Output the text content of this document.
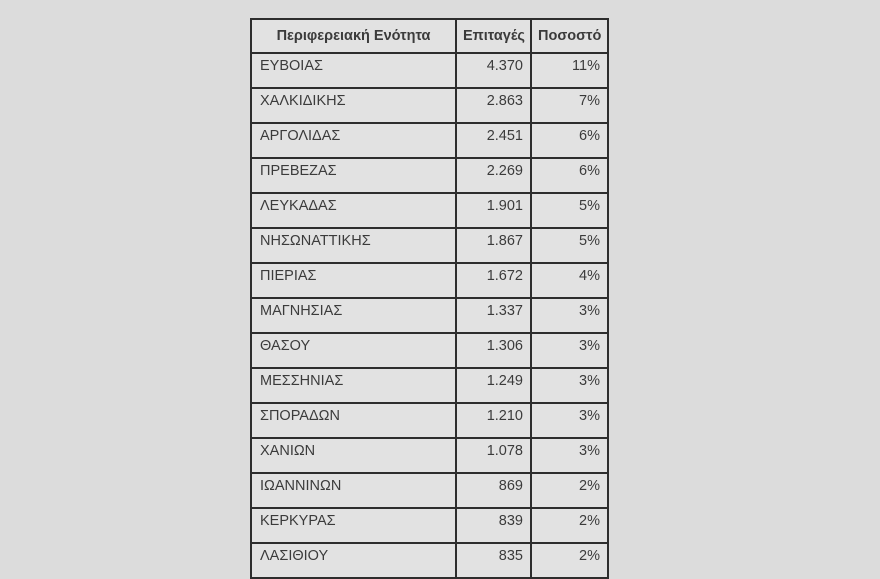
Περιφερειακή Ενότητα	Επιταγές	Ποσοστό
ΕΥΒΟΙΑΣ	4.370	11%
ΧΑΛΚΙΔΙΚΗΣ	2.863	7%
ΑΡΓΟΛΙΔΑΣ	2.451	6%
ΠΡΕΒΕΖΑΣ	2.269	6%
ΛΕΥΚΑΔΑΣ	1.901	5%
ΝΗΣΩΝΑΤΤΙΚΗΣ	1.867	5%
ΠΙΕΡΙΑΣ	1.672	4%
ΜΑΓΝΗΣΙΑΣ	1.337	3%
ΘΑΣΟΥ	1.306	3%
ΜΕΣΣΗΝΙΑΣ	1.249	3%
ΣΠΟΡΑΔΩΝ	1.210	3%
ΧΑΝΙΩΝ	1.078	3%
ΙΩΑΝΝΙΝΩΝ	869	2%
ΚΕΡΚΥΡΑΣ	839	2%
ΛΑΣΙΘΙΟΥ	835	2%
